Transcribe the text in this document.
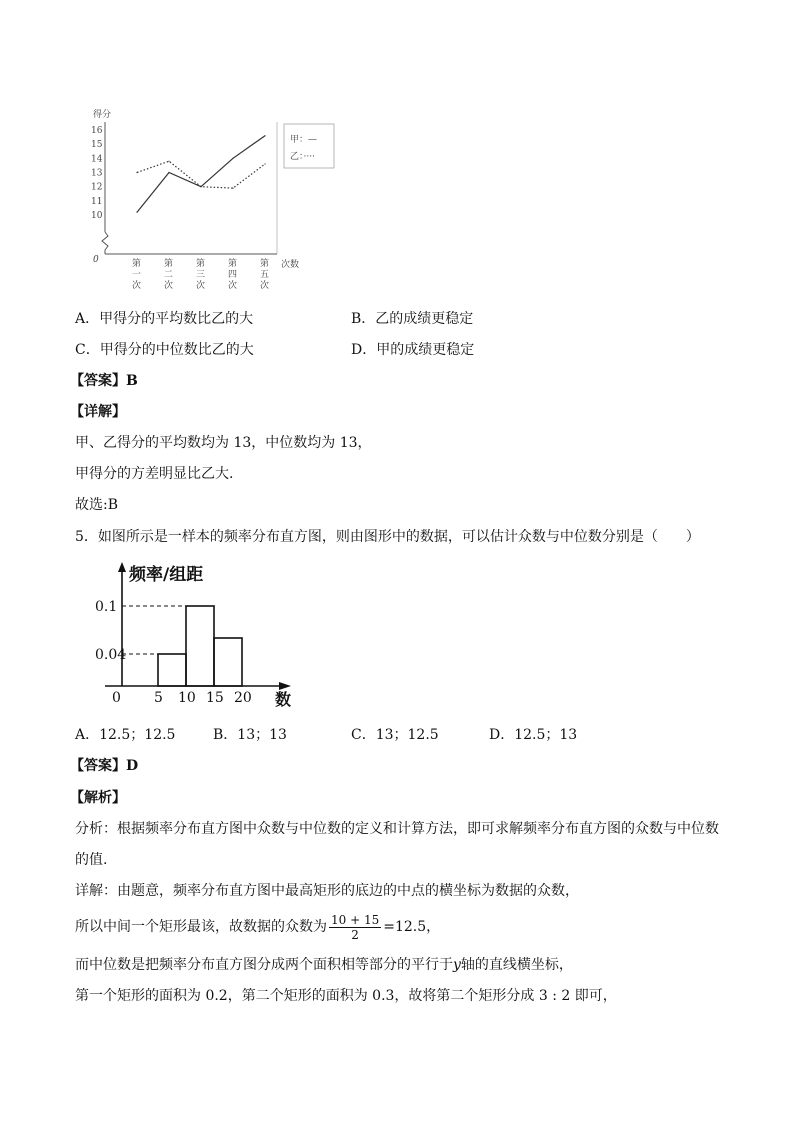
得分
0
16
15
14
13
12
11
10
第
一
次
第
二
次
第
三
次
第
四
次
第
五
次
次数
甲：—
乙：····
A．甲得分的平均数比乙的大	B．乙的成绩更稳定
C．甲得分的中位数比乙的大	D．甲的成绩更稳定
【答案】B
【详解】
甲、乙得分的平均数均为 13，中位数均为 13，
甲得分的方差明显比乙大.
故选:B
5．如图所示是一样本的频率分布直方图，则由图形中的数据，可以估计众数与中位数分别是（　　）
频率/组距
数
0.1
0.04
0 5 10 15 20
A．12.5；12.5	B．13；13	C．13；12.5	D．12.5；13
【答案】D
【解析】
分析：根据频率分布直方图中众数与中位数的定义和计算方法，即可求解频率分布直方图的众数与中位数
的值.
详解：由题意，频率分布直方图中最高矩形的底边的中点的横坐标为数据的众数，
所以中间一个矩形最该，故数据的众数为 $\frac{10 + 15}{2} =12.5$，
而中位数是把频率分布直方图分成两个面积相等部分的平行于y轴的直线横坐标，
第一个矩形的面积为 0.2，第二个矩形的面积为 0.3，故将第二个矩形分成 3 : 2 即可，
